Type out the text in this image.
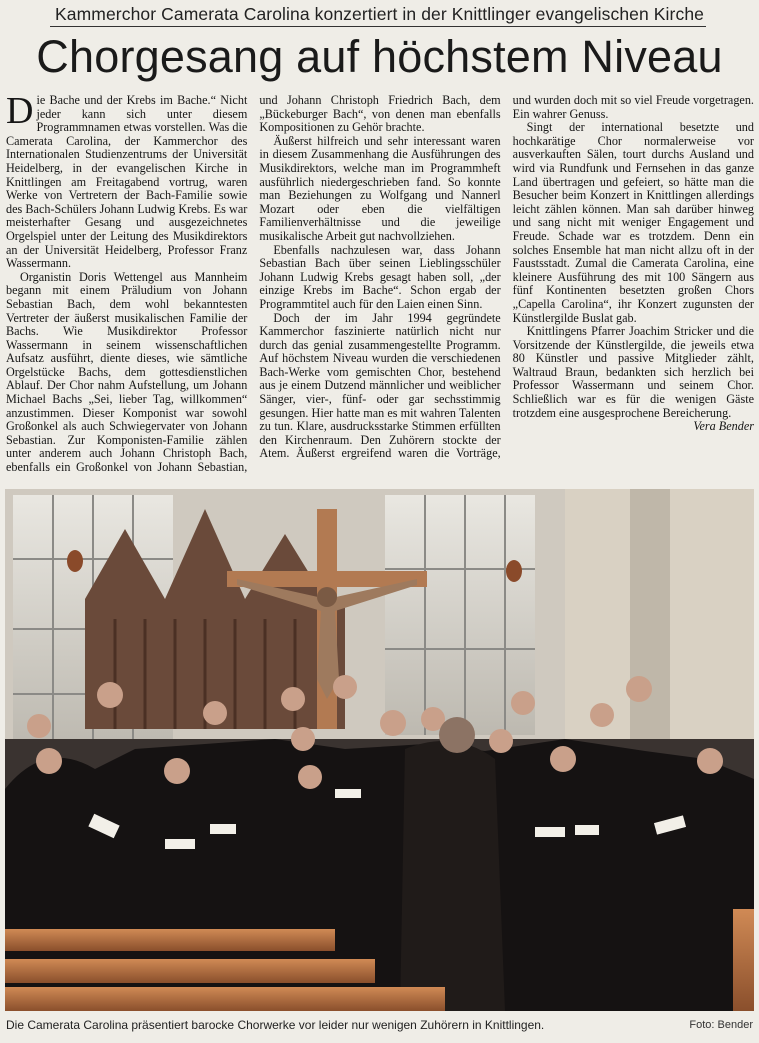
Kammerchor Camerata Carolina konzertiert in der Knittlinger evangelischen Kirche
Chorgesang auf höchstem Niveau

Die Bache und der Krebs im Bache.“ Nicht jeder kann sich unter diesem Programmnamen etwas vorstellen. Was die Camerata Carolina, der Kammerchor des Internationalen Studienzentrums der Universität Heidelberg, in der evangelischen Kirche in Knittlingen am Freitagabend vortrug, waren Werke von Vertretern der Bach-Familie sowie des Bach-Schülers Johann Ludwig Krebs. Es war meisterhafter Gesang und ausgezeichnetes Orgelspiel unter der Leitung des Musikdirektors an der Universität Heidelberg, Professor Franz Wassermann.

Organistin Doris Wettengel aus Mannheim begann mit einem Präludium von Johann Sebastian Bach, dem wohl bekanntesten Vertreter der äußerst musikalischen Familie der Bachs. Wie Musikdirektor Professor Wassermann in seinem wissenschaftlichen Aufsatz ausführt, diente dieses, wie sämtliche Orgelstücke Bachs, dem gottesdienstlichen Ablauf. Der Chor nahm Aufstellung, um Johann Michael Bachs „Sei, lieber Tag, willkommen“ anzustimmen. Dieser Komponist war sowohl Großonkel als auch Schwiegervater von Johann Sebastian. Zur Komponisten-Familie zählen unter anderem auch Johann Christoph Bach, ebenfalls ein Großonkel von Johann Sebastian, und Johann Christoph Friedrich Bach, dem „Bückeburger Bach“, von denen man ebenfalls Kompositionen zu Gehör brachte.

Äußerst hilfreich und sehr interessant waren in diesem Zusammenhang die Ausführungen des Musikdirektors, welche man im Programmheft ausführlich niedergeschrieben fand. So konnte man Beziehungen zu Wolfgang und Nannerl Mozart oder eben die vielfältigen Familienverhältnisse und die jeweilige musikalische Arbeit gut nachvollziehen.

Ebenfalls nachzulesen war, dass Johann Sebastian Bach über seinen Lieblingsschüler Johann Ludwig Krebs gesagt haben soll, „der einzige Krebs im Bache“. Schon ergab der Programmtitel auch für den Laien einen Sinn.

Doch der im Jahr 1994 gegründete Kammerchor faszinierte natürlich nicht nur durch das genial zusammengestellte Programm. Auf höchstem Niveau wurden die verschiedenen Bach-Werke vom gemischten Chor, bestehend aus je einem Dutzend männlicher und weiblicher Sänger, vier-, fünf- oder gar sechsstimmig gesungen. Hier hatte man es mit wahren Talenten zu tun. Klare, ausdrucksstarke Stimmen erfüllten den Kirchenraum. Den Zuhörern stockte der Atem. Äußerst ergreifend waren die Vorträge, und wurden doch mit so viel Freude vorgetragen. Ein wahrer Genuss.

Singt der international besetzte und hochkarätige Chor normalerweise vor ausverkauften Sälen, tourt durchs Ausland und wird via Rundfunk und Fernsehen in das ganze Land übertragen und gefeiert, so hätte man die Besucher beim Konzert in Knittlingen allerdings leicht zählen können. Man sah darüber hinweg und sang nicht mit weniger Engagement und Freude. Schade war es trotzdem. Denn ein solches Ensemble hat man nicht allzu oft in der Faustsstadt. Zumal die Camerata Carolina, eine kleinere Ausführung des mit 100 Sängern aus fünf Kontinenten besetzten großen Chors „Capella Carolina“, ihr Konzert zugunsten der Künstlergilde Buslat gab.

Knittlingens Pfarrer Joachim Stricker und die Vorsitzende der Künstlergilde, die jeweils etwa 80 Künstler und passive Mitglieder zählt, Waltraud Braun, bedankten sich herzlich bei Professor Wassermann und seinem Chor. Schließlich war es für die wenigen Gäste trotzdem eine ausgesprochene Bereicherung.

Vera Bender
Die Camerata Carolina präsentiert barocke Chorwerke vor leider nur wenigen Zuhörern in Knittlingen.	Foto: Bender
